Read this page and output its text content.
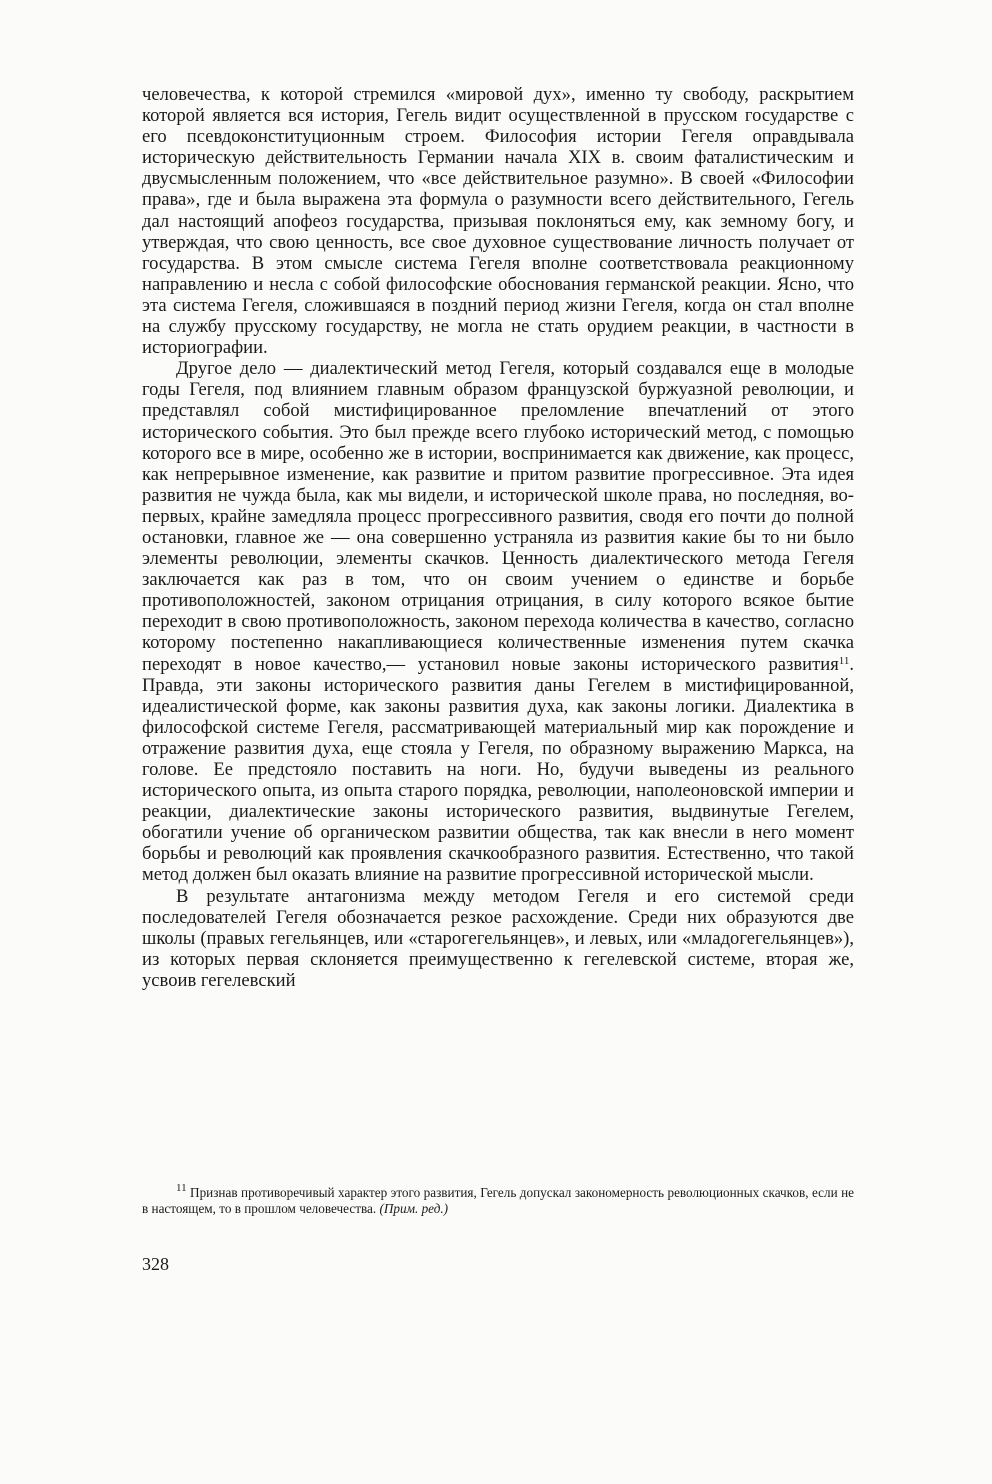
человечества, к которой стремился «мировой дух», именно ту свободу, раскрытием которой является вся история, Гегель видит осуществленной в прусском государстве с его псевдоконституционным строем. Философия истории Гегеля оправдывала историческую действительность Германии начала XIX в. своим фаталистическим и двусмысленным положением, что «все действительное разумно». В своей «Философии права», где и была выражена эта формула о разумности всего действительного, Гегель дал настоящий апофеоз государства, призывая поклоняться ему, как земному богу, и утверждая, что свою ценность, все свое духовное существование личность получает от государства. В этом смысле система Гегеля вполне соответствовала реакционному направлению и несла с собой философские обоснования германской реакции. Ясно, что эта система Гегеля, сложившаяся в поздний период жизни Гегеля, когда он стал вполне на службу прусскому государству, не могла не стать орудием реакции, в частности в историографии.

Другое дело — диалектический метод Гегеля, который создавался еще в молодые годы Гегеля, под влиянием главным образом французской буржуазной революции, и представлял собой мистифицированное преломление впечатлений от этого исторического события. Это был прежде всего глубоко исторический метод, с помощью которого все в мире, особенно же в истории, воспринимается как движение, как процесс, как непрерывное изменение, как развитие и притом развитие прогрессивное. Эта идея развития не чужда была, как мы видели, и исторической школе права, но последняя, во-первых, крайне замедляла процесс прогрессивного развития, сводя его почти до полной остановки, главное же — она совершенно устраняла из развития какие бы то ни было элементы революции, элементы скачков. Ценность диалектического метода Гегеля заключается как раз в том, что он своим учением о единстве и борьбе противоположностей, законом отрицания отрицания, в силу которого всякое бытие переходит в свою противоположность, законом перехода количества в качество, согласно которому постепенно накапливающиеся количественные изменения путем скачка переходят в новое качество,— установил новые законы исторического развития$^{11}$. Правда, эти законы исторического развития даны Гегелем в мистифицированной, идеалистической форме, как законы развития духа, как законы логики. Диалектика в философской системе Гегеля, рассматривающей материальный мир как порождение и отражение развития духа, еще стояла у Гегеля, по образному выражению Маркса, на голове. Ее предстояло поставить на ноги. Но, будучи выведены из реального исторического опыта, из опыта старого порядка, революции, наполеоновской империи и реакции, диалектические законы исторического развития, выдвинутые Гегелем, обогатили учение об органическом развитии общества, так как внесли в него момент борьбы и революций как проявления скачкообразного развития. Естественно, что такой метод должен был оказать влияние на развитие прогрессивной исторической мысли.

В результате антагонизма между методом Гегеля и его системой среди последователей Гегеля обозначается резкое расхождение. Среди них образуются две школы (правых гегельянцев, или «старогегельянцев», и левых, или «младогегельянцев»), из которых первая склоняется преимущественно к гегелевской системе, вторая же, усвоив гегелевский

$^{11}$ Признав противоречивый характер этого развития, Гегель допускал закономерность революционных скачков, если не в настоящем, то в прошлом человечества. (Прим. ред.)

328
